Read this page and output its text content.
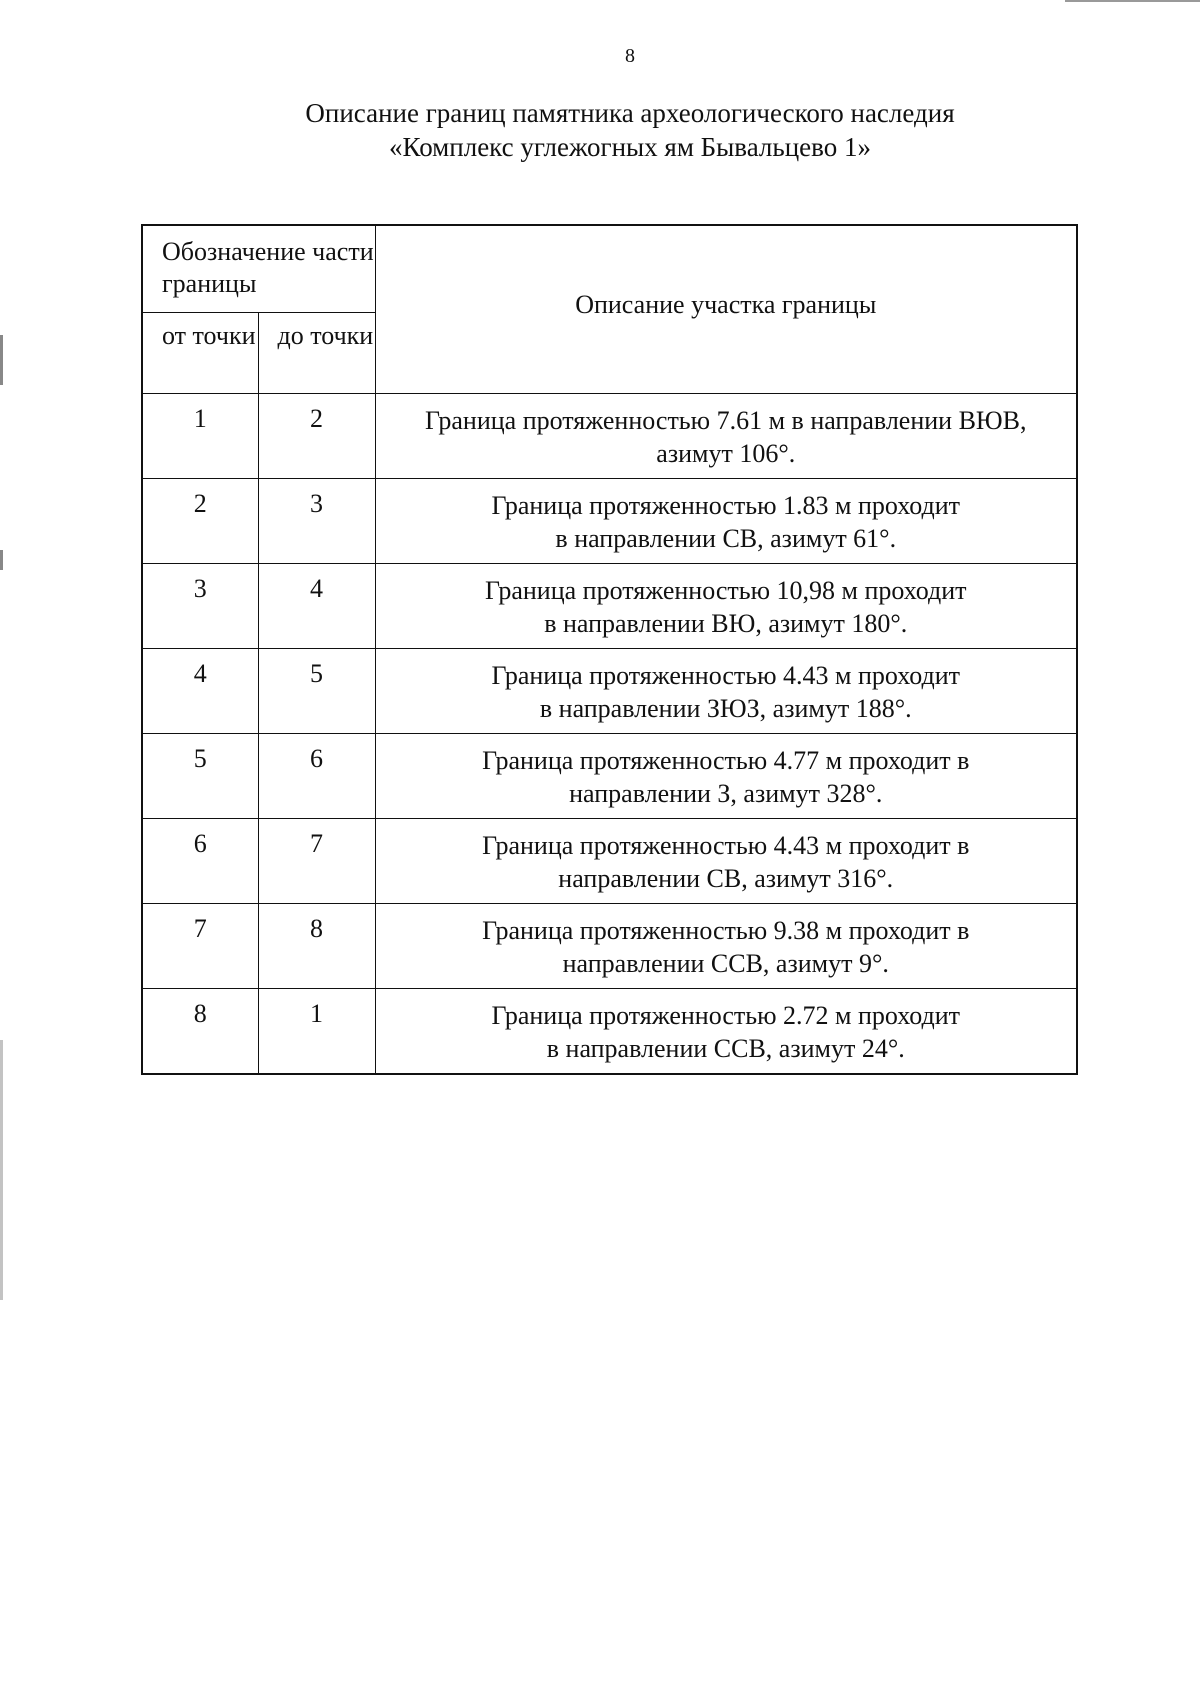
8
Описание границ памятника археологического наследия
«Комплекс углежогных ям Бывальцево 1»
Обозначение части границы		Описание участка границы
от точки	до точки	
1	2	Граница протяженностью 7.61 м в направлении ВЮВ,
азимут 106°.

2	3	Граница протяженностью 1.83 м проходит
в направлении СВ, азимут 61°.

3	4	Граница протяженностью 10,98 м проходит
в направлении ВЮ, азимут 180°.

4	5	Граница протяженностью 4.43 м проходит
в направлении ЗЮЗ, азимут 188°.

5	6	Граница протяженностью 4.77 м проходит в
направлении З, азимут 328°.

6	7	Граница протяженностью 4.43 м проходит в
направлении СВ, азимут 316°.

7	8	Граница протяженностью 9.38 м проходит в
направлении ССВ, азимут 9°.

8	1	Граница протяженностью 2.72 м проходит
в направлении ССВ, азимут 24°.
